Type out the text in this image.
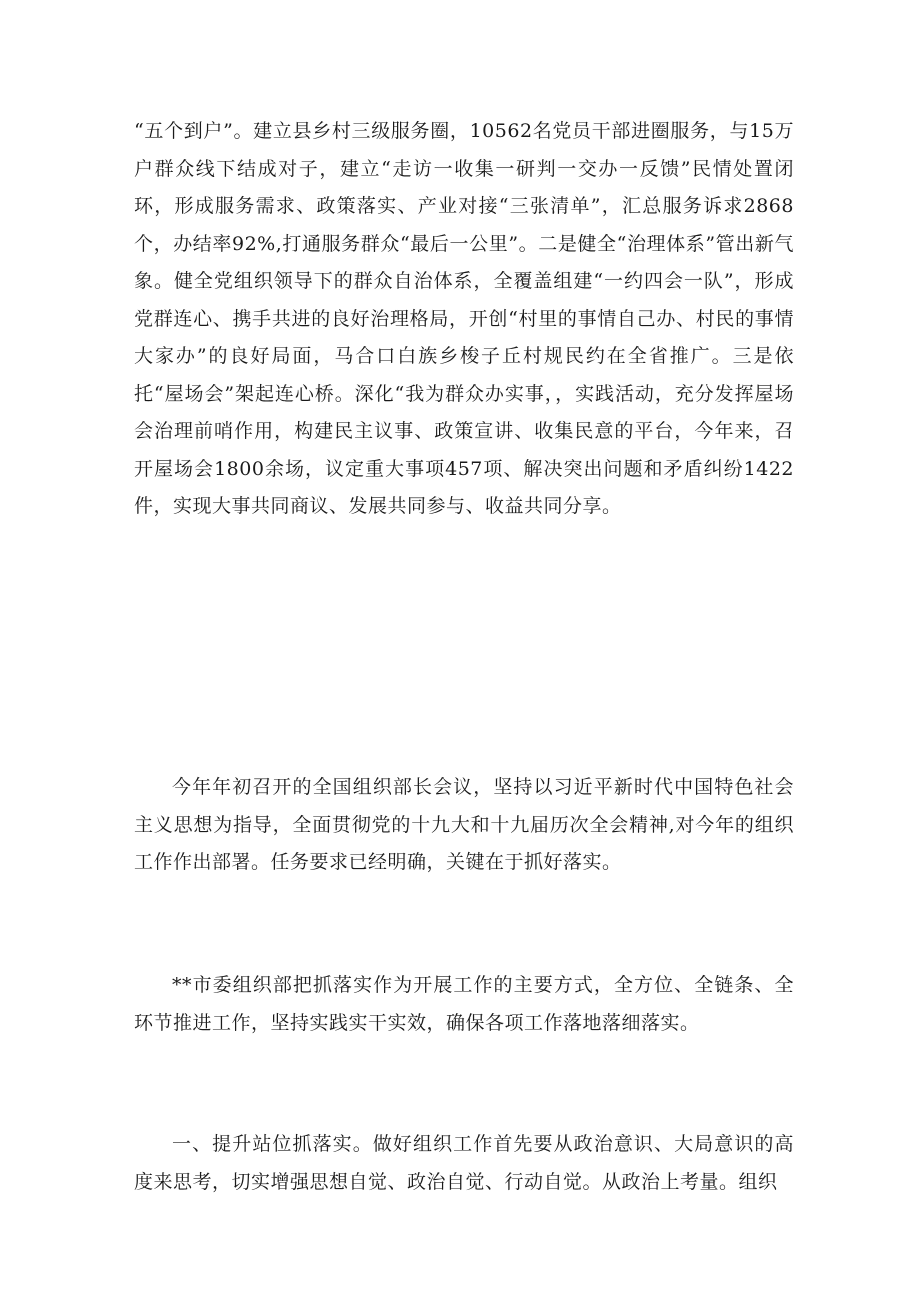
“五个到户”。建立县乡村三级服务圈，10562名党员干部进圈服务，与15万户群众线下结成对子，建立“走访一收集一研判一交办一反馈”民情处置闭环，形成服务需求、政策落实、产业对接“三张清单”，汇总服务诉求2868个，办结率92%,打通服务群众“最后一公里”。二是健全“治理体系”管出新气象。健全党组织领导下的群众自治体系，全覆盖组建“一约四会一队”，形成党群连心、携手共进的良好治理格局，开创“村里的事情自己办、村民的事情大家办”的良好局面，马合口白族乡梭子丘村规民约在全省推广。三是依托“屋场会”架起连心桥。深化“我为群众办实事，，实践活动，充分发挥屋场会治理前哨作用，构建民主议事、政策宣讲、收集民意的平台，今年来，召开屋场会1800余场，议定重大事项457项、解决突出问题和矛盾纠纷1422件，实现大事共同商议、发展共同参与、收益共同分享。

今年年初召开的全国组织部长会议，坚持以习近平新时代中国特色社会主义思想为指导，全面贯彻党的十九大和十九届历次全会精神,对今年的组织工作作出部署。任务要求已经明确，关键在于抓好落实。

**市委组织部把抓落实作为开展工作的主要方式，全方位、全链条、全环节推进工作，坚持实践实干实效，确保各项工作落地落细落实。

一、提升站位抓落实。做好组织工作首先要从政治意识、大局意识的高度来思考，切实增强思想自觉、政治自觉、行动自觉。从政治上考量。组织
